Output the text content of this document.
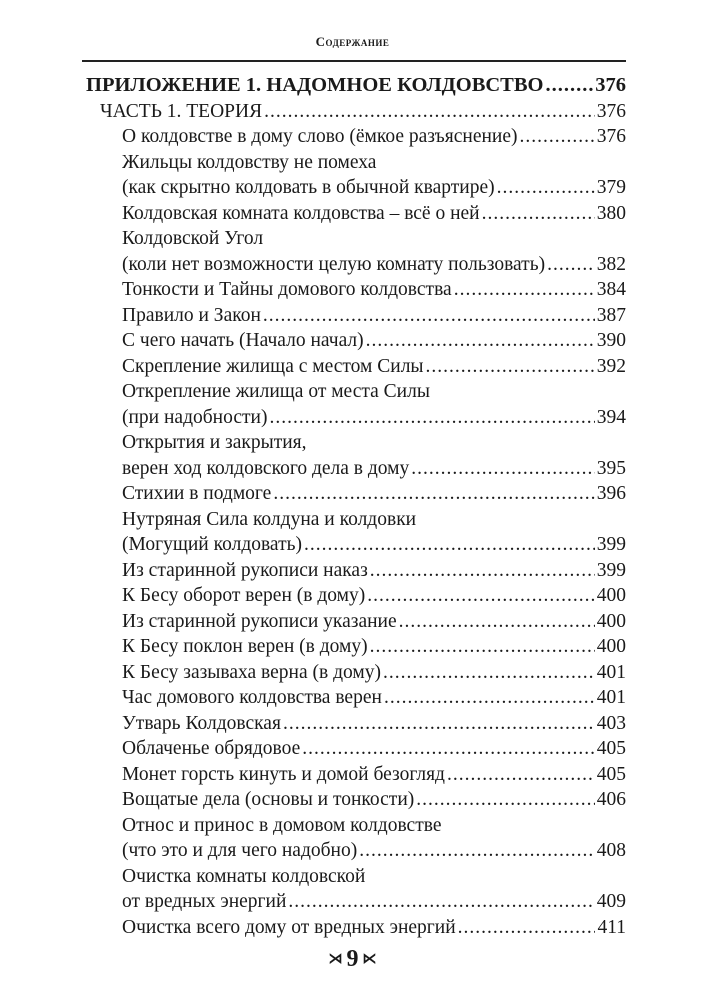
Содержание
ПРИЛОЖЕНИЕ 1. НАДОМНОЕ КОЛДОВСТВО .....	376
ЧАСТЬ 1. ТЕОРИЯ .....	376
О колдовстве в дому слово (ёмкое разъяснение) .....	376
Жильцы колдовству не помеха
(как скрытно колдовать в обычной квартире) .....	379
Колдовская комната колдовства – всё о ней .....	380
Колдовской Угол
(коли нет возможности целую комнату пользовать) .....	382
Тонкости и Тайны домового колдовства .....	384
Правило и Закон .....	387
С чего начать (Начало начал) .....	390
Скрепление жилища с местом Силы .....	392
Открепление жилища от места Силы
(при надобности) .....	394
Открытия и закрытия,
верен ход колдовского дела в дому .....	395
Стихии в подмоге .....	396
Нутряная Сила колдуна и колдовки
(Могущий колдовать) .....	399
Из старинной рукописи наказ .....	399
К Бесу оборот верен (в дому) .....	400
Из старинной рукописи указание .....	400
К Бесу поклон верен (в дому) .....	400
К Бесу зазываха верна (в дому) .....	401
Час домового колдовства верен .....	401
Утварь Колдовская .....	403
Облаченье обрядовое .....	405
Монет горсть кинуть и домой безогляд .....	405
Вощатые дела (основы и тонкости) .....	406
Относ и принос в домовом колдовстве
(что это и для чего надобно) .....	408
Очистка комнаты колдовской
от вредных энергий .....	409
Очистка всего дому от вредных энергий .....	411
⋊ 9 ⋉
